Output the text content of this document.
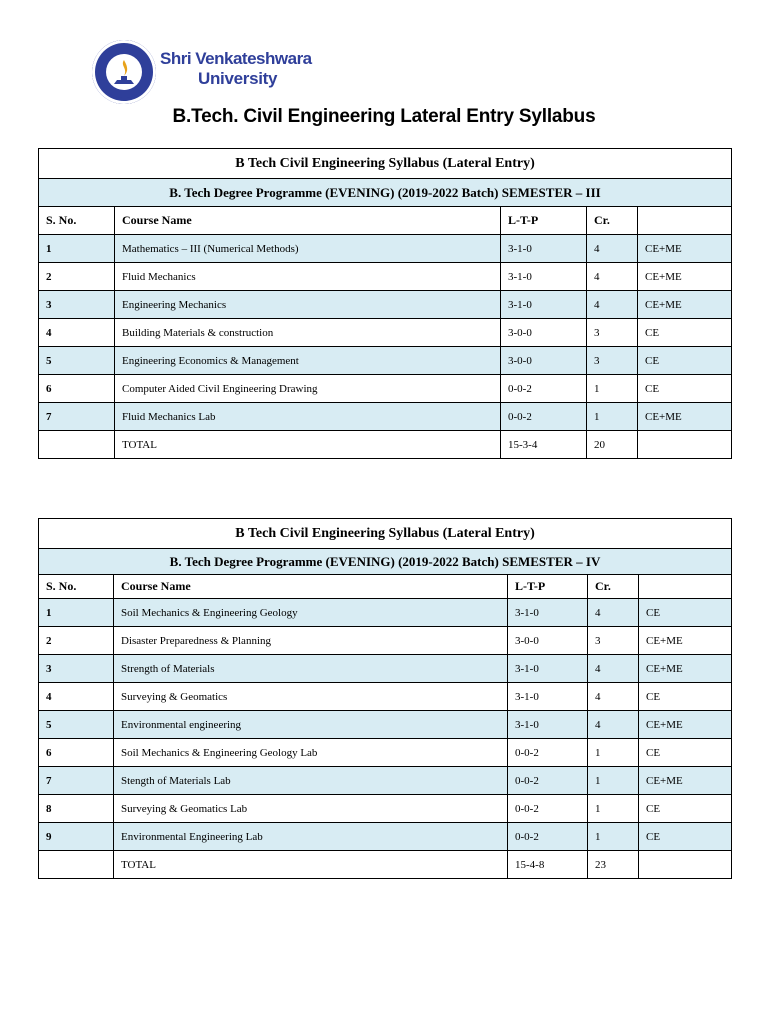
Shri Venkateshwara
University
B.Tech. Civil Engineering Lateral Entry Syllabus
B Tech Civil Engineering Syllabus (Lateral Entry)				
B. Tech Degree Programme (EVENING) (2019-2022 Batch) SEMESTER – III				
S. No.	Course Name	L-T-P	Cr.	
1	Mathematics – III (Numerical Methods)	3-1-0	4	CE+ME
2	Fluid Mechanics	3-1-0	4	CE+ME
3	Engineering Mechanics	3-1-0	4	CE+ME
4	Building Materials & construction	3-0-0	3	CE
5	Engineering Economics & Management	3-0-0	3	CE
6	Computer Aided Civil Engineering Drawing	0-0-2	1	CE
7	Fluid Mechanics Lab	0-0-2	1	CE+ME
	TOTAL	15-3-4	20	
B Tech Civil Engineering Syllabus (Lateral Entry)				
B. Tech Degree Programme (EVENING) (2019-2022 Batch) SEMESTER – IV				
S. No.	Course Name	L-T-P	Cr.	
1	Soil Mechanics & Engineering Geology	3-1-0	4	CE
2	Disaster Preparedness & Planning	3-0-0	3	CE+ME
3	Strength of Materials	3-1-0	4	CE+ME
4	Surveying & Geomatics	3-1-0	4	CE
5	Environmental engineering	3-1-0	4	CE+ME
6	Soil Mechanics & Engineering Geology Lab	0-0-2	1	CE
7	Stength of Materials Lab	0-0-2	1	CE+ME
8	Surveying & Geomatics Lab	0-0-2	1	CE
9	Environmental Engineering Lab	0-0-2	1	CE
	TOTAL	15-4-8	23	
